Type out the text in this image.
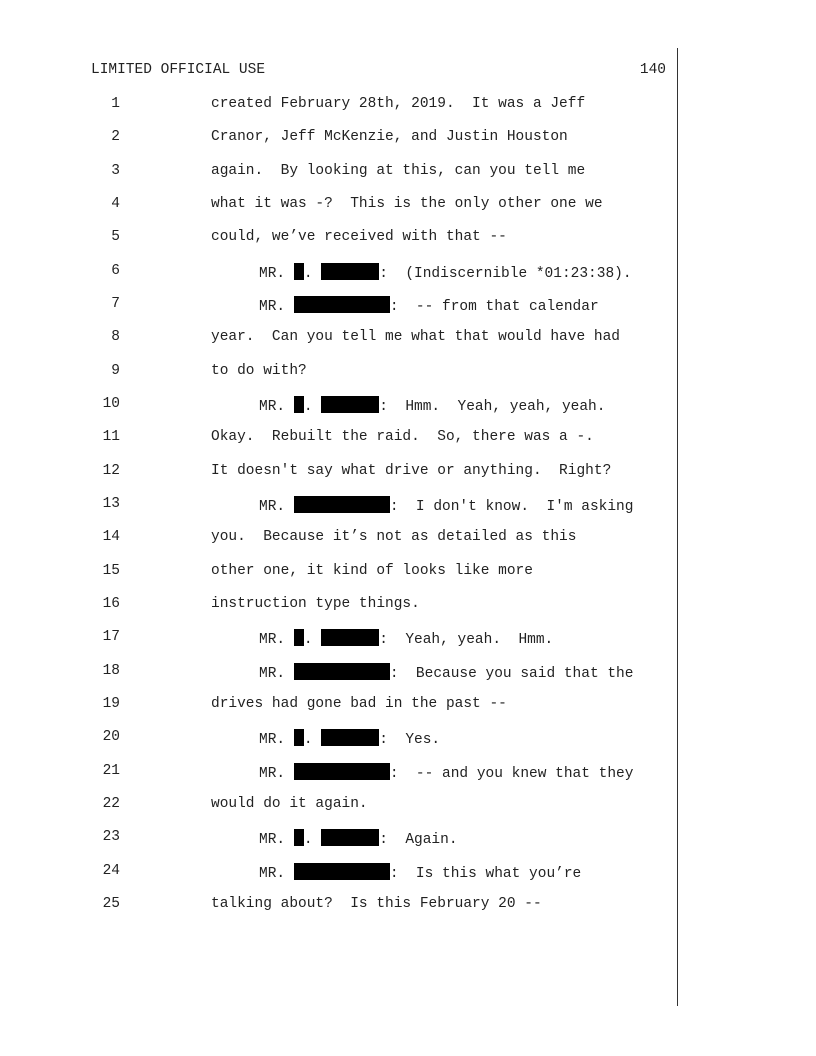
LIMITED OFFICIAL USE	140
1	created February 28th, 2019.  It was a Jeff
2	Cranor, Jeff McKenzie, and Justin Houston
3	again.  By looking at this, can you tell me
4	what it was -?  This is the only other one we
5	could, we’ve received with that --
6	MR. .	:  (Indiscernible *01:23:38).
7	MR.	:  -- from that calendar
8	year.  Can you tell me what that would have had
9	to do with?
10	MR. .	:  Hmm.  Yeah, yeah, yeah.
11	Okay.  Rebuilt the raid.  So, there was a -.
12	It doesn't say what drive or anything.  Right?
13	MR.	:  I don't know.  I'm asking
14	you.  Because it’s not as detailed as this
15	other one, it kind of looks like more
16	instruction type things.
17	MR. .	:  Yeah, yeah.  Hmm.
18	MR.	:  Because you said that the
19	drives had gone bad in the past --
20	MR. .	:  Yes.
21	MR.	:  -- and you knew that they
22	would do it again.
23	MR. .	:  Again.
24	MR.	:  Is this what you’re
25	talking about?  Is this February 20 --
